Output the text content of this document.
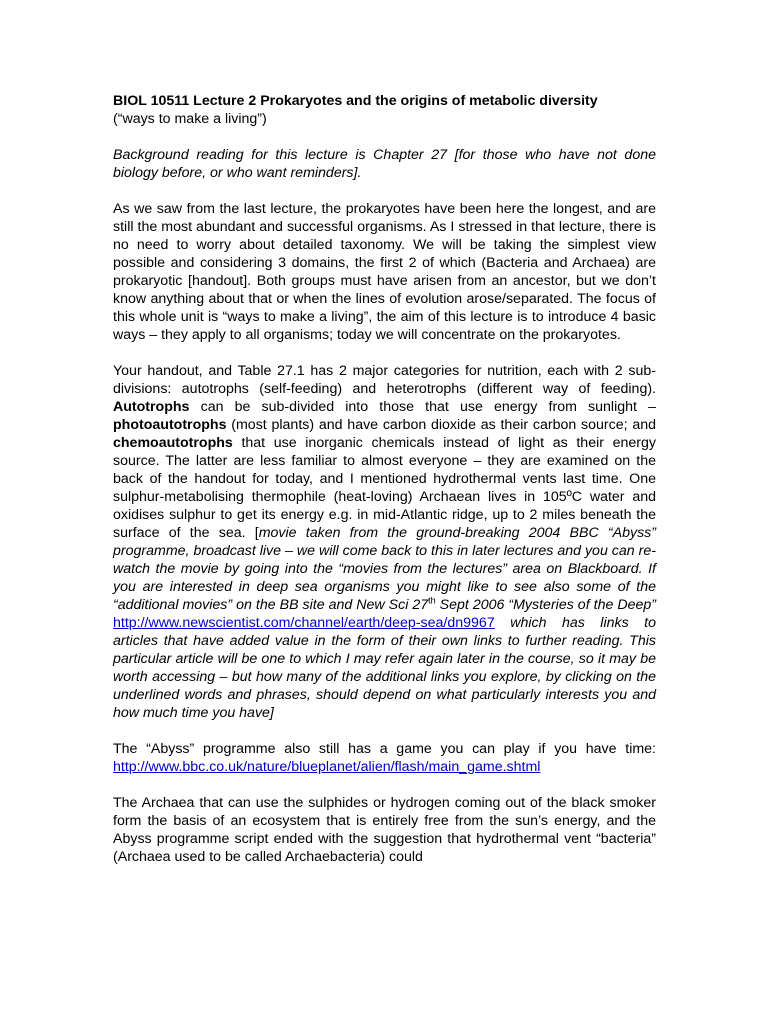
BIOL 10511 Lecture 2 Prokaryotes and the origins of metabolic diversity
(“ways to make a living”)

Background reading for this lecture is Chapter 27 [for those who have not done biology before, or who want reminders].

As we saw from the last lecture, the prokaryotes have been here the longest, and are still the most abundant and successful organisms. As I stressed in that lecture, there is no need to worry about detailed taxonomy. We will be taking the simplest view possible and considering 3 domains, the first 2 of which (Bacteria and Archaea) are prokaryotic [handout]. Both groups must have arisen from an ancestor, but we don’t know anything about that or when the lines of evolution arose/separated. The focus of this whole unit is “ways to make a living”, the aim of this lecture is to introduce 4 basic ways – they apply to all organisms; today we will concentrate on the prokaryotes.

Your handout, and Table 27.1 has 2 major categories for nutrition, each with 2 sub-divisions: autotrophs (self-feeding) and heterotrophs (different way of feeding). Autotrophs can be sub-divided into those that use energy from sunlight – photoautotrophs (most plants) and have carbon dioxide as their carbon source; and chemoautotrophs that use inorganic chemicals instead of light as their energy source. The latter are less familiar to almost everyone – they are examined on the back of the handout for today, and I mentioned hydrothermal vents last time. One sulphur-metabolising thermophile (heat-loving) Archaean lives in 105ºC water and oxidises sulphur to get its energy e.g. in mid-Atlantic ridge, up to 2 miles beneath the surface of the sea. [movie taken from the ground-breaking 2004 BBC “Abyss” programme, broadcast live – we will come back to this in later lectures and you can re-watch the movie by going into the “movies from the lectures” area on Blackboard. If you are interested in deep sea organisms you might like to see also some of the “additional movies” on the BB site and New Sci 27th Sept 2006 “Mysteries of the Deep” http://www.newscientist.com/channel/earth/deep-sea/dn9967 which has links to articles that have added value in the form of their own links to further reading. This particular article will be one to which I may refer again later in the course, so it may be worth accessing – but how many of the additional links you explore, by clicking on the underlined words and phrases, should depend on what particularly interests you and how much time you have]

The “Abyss” programme also still has a game you can play if you have time: http://www.bbc.co.uk/nature/blueplanet/alien/flash/main_game.shtml

The Archaea that can use the sulphides or hydrogen coming out of the black smoker form the basis of an ecosystem that is entirely free from the sun’s energy, and the Abyss programme script ended with the suggestion that hydrothermal vent “bacteria” (Archaea used to be called Archaebacteria) could
